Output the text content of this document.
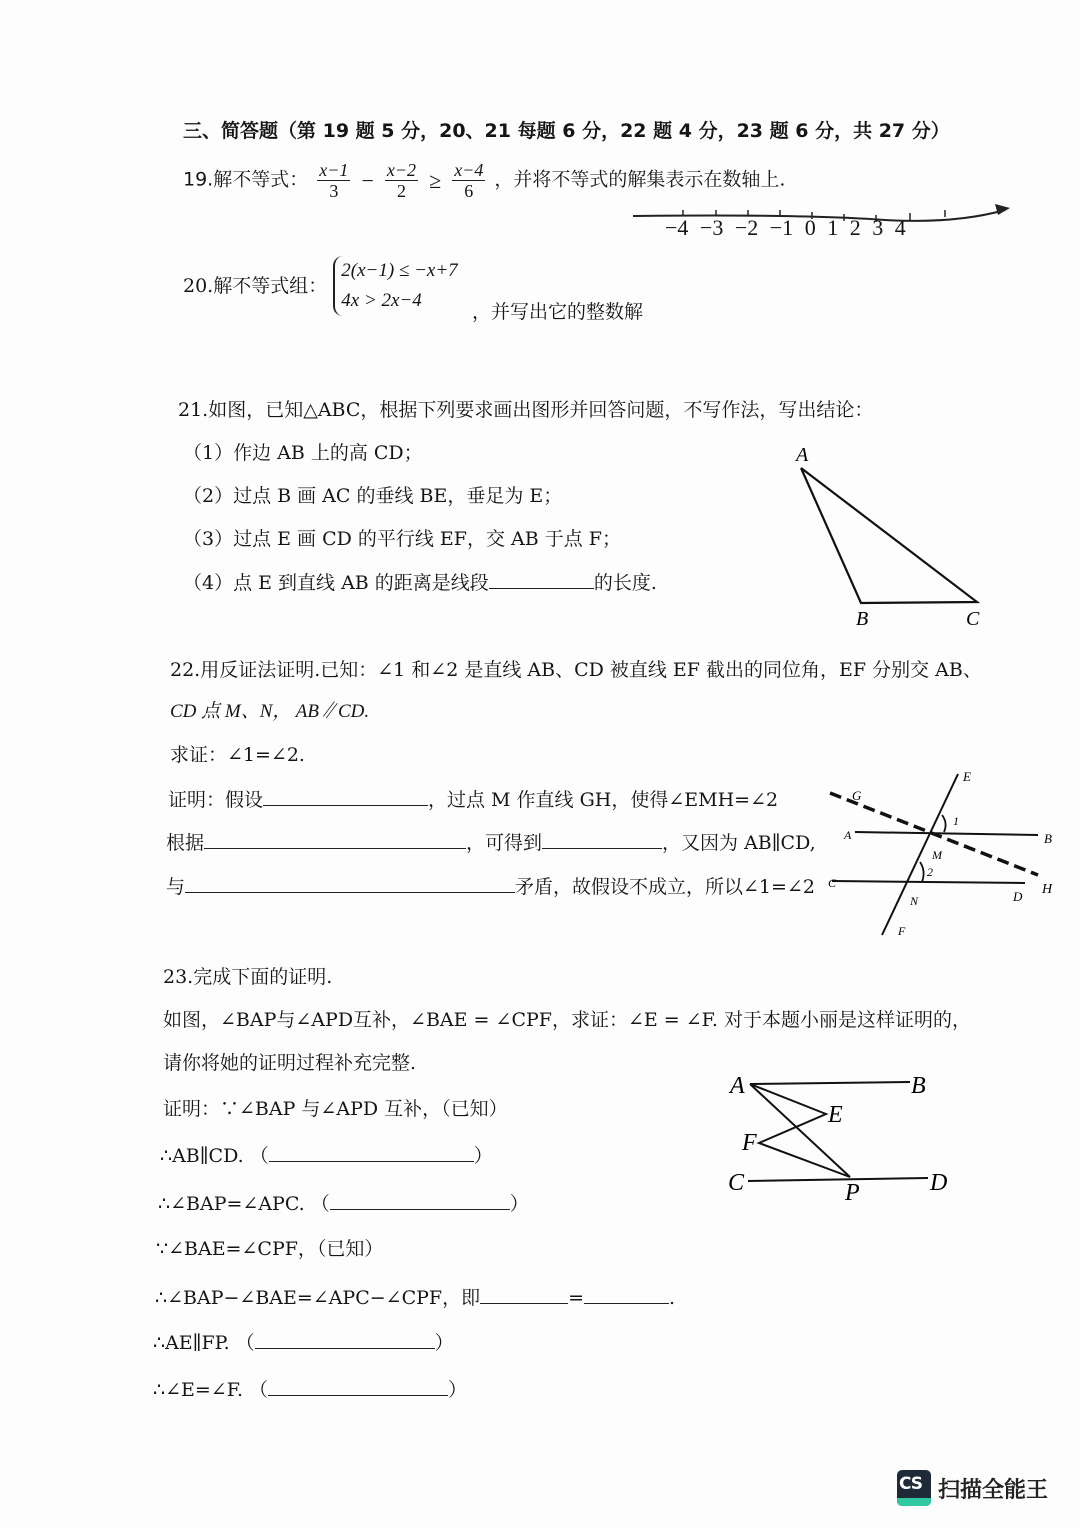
三、简答题（第 19 题 5 分，20、21 每题 6 分，22 题 4 分，23 题 6 分，共 27 分）
19.解不等式： $\frac{x-1}{3} - \frac{x-2}{2} \ge \frac{x-4}{6}$ ，并将不等式的解集表示在数轴上.
−4 −3 −2 −1 0 1 2 3 4
20.解不等式组：
2(x−1) ≤ −x+7
4x > 2x−4
，并写出它的整数解
21.如图，已知△ABC，根据下列要求画出图形并回答问题，不写作法，写出结论：
（1）作边 AB 上的高 CD；
（2）过点 B 画 AC 的垂线 BE，垂足为 E；
（3）过点 E 画 CD 的平行线 EF，交 AB 于点 F；
（4）点 E 到直线 AB 的距离是线段	的长度.
A
B	C
22.用反证法证明.已知：∠1 和∠2 是直线 AB、CD 被直线 EF 截出的同位角，EF 分别交 AB、
CD 点 M、N， AB∥CD.
求证：∠1=∠2.
证明：假设	，过点 M 作直线 GH，使得∠EMH=∠2
根据	，可得到	，又因为 AB∥CD,
与	矛盾，故假设不成立，所以∠1=∠2
E
G
A	B
1
M
2
C	H
D
N
F
23.完成下面的证明.
如图，∠BAP与∠APD互补，∠BAE = ∠CPF，求证：∠E = ∠F. 对于本题小丽是这样证明的，
请你将她的证明过程补充完整.
证明：∵∠BAP 与∠APD 互补，（已知）
∴AB∥CD. （	）
∴∠BAP=∠APC. （	）
∵∠BAE=∠CPF，（已知）
∴∠BAP−∠BAE=∠APC−∠CPF，即	=	.
∴AE∥FP. （	）
∴∠E=∠F. （	）
A	B
E
F
C	D
P
CS 扫描全能王
